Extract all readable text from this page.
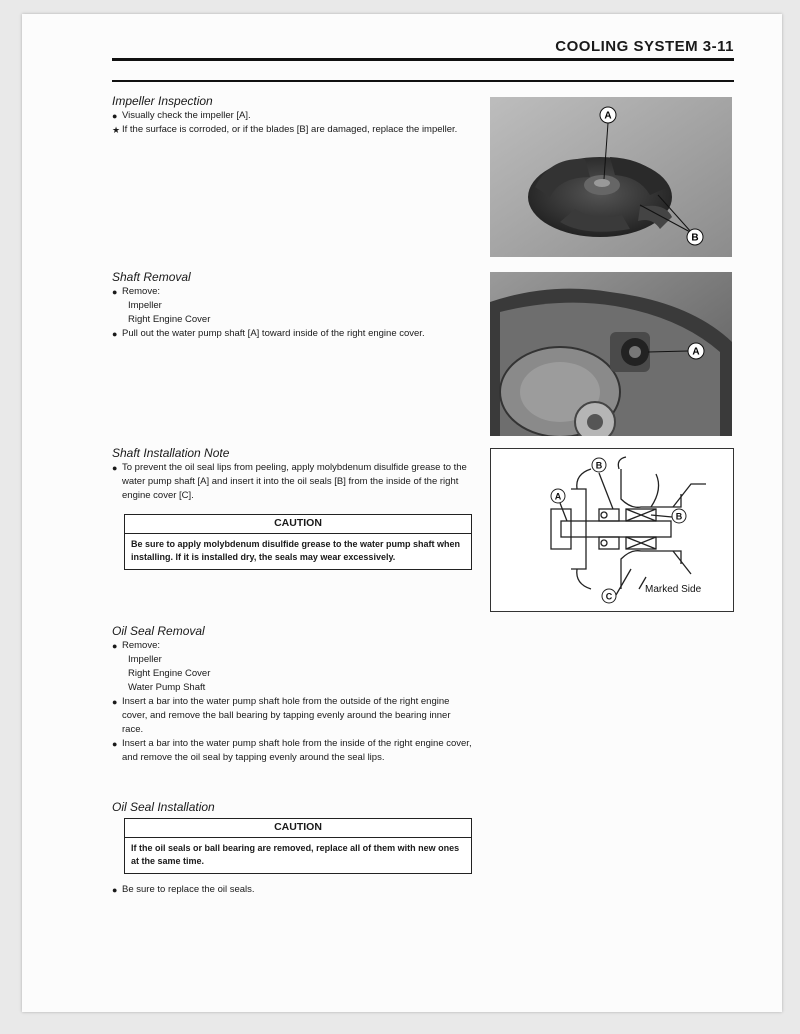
COOLING SYSTEM 3-11
Impeller Inspection
● Visually check the impeller [A].
★ If the surface is corroded, or if the blades [B] are damaged, replace the impeller.
Shaft Removal
● Remove:
Impeller
Right Engine Cover
● Pull out the water pump shaft [A] toward inside of the right engine cover.
Shaft Installation Note
● To prevent the oil seal lips from peeling, apply molybdenum disulfide grease to the water pump shaft [A] and insert it into the oil seals [B] from the inside of the right engine cover [C].
CAUTION
Be sure to apply molybdenum disulfide grease to the water pump shaft when installing. If it is installed dry, the seals may wear excessively.
Oil Seal Removal
● Remove:
Impeller
Right Engine Cover
Water Pump Shaft
● Insert a bar into the water pump shaft hole from the outside of the right engine cover, and remove the ball bearing by tapping evenly around the bearing inner race.
● Insert a bar into the water pump shaft hole from the inside of the right engine cover, and remove the oil seal by tapping evenly around the seal lips.
Oil Seal Installation
CAUTION
If the oil seals or ball bearing are removed, replace all of them with new ones at the same time.
● Be sure to replace the oil seals.
A
B
A
B
A
B
C
Marked Side
